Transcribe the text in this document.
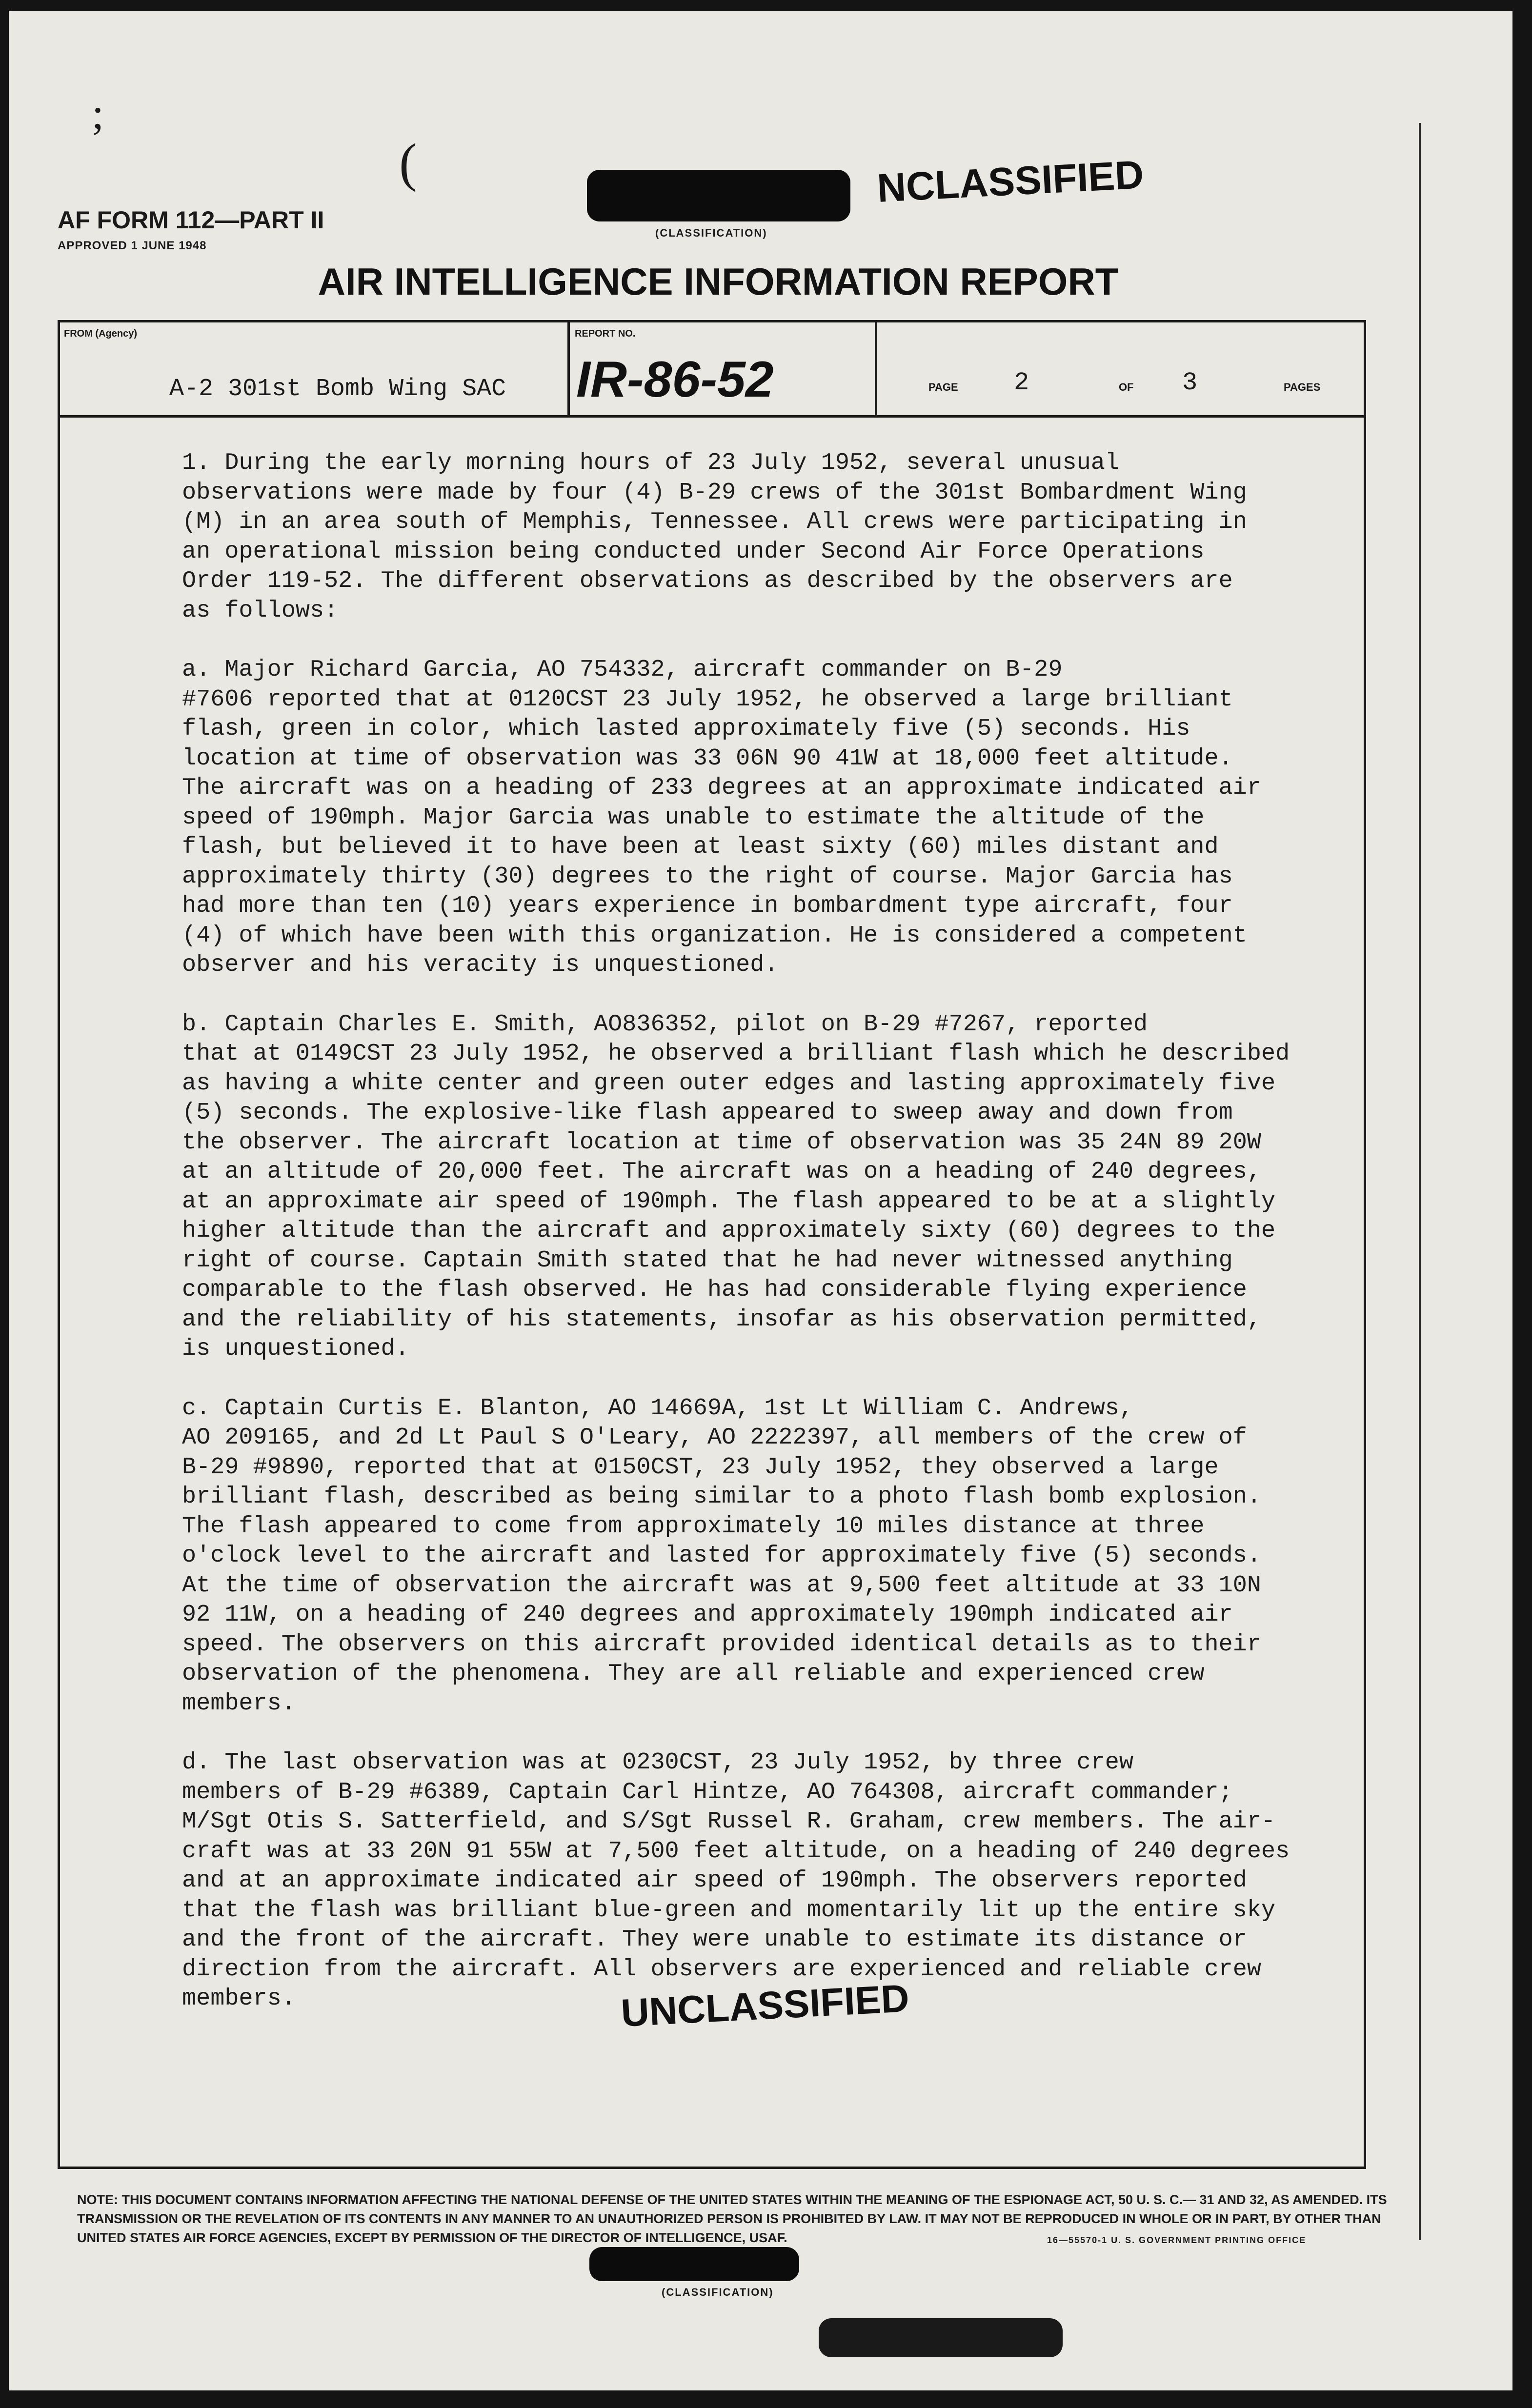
;
(
AF FORM 112—PART II
APPROVED 1 JUNE 1948
(CLASSIFICATION)
NCLASSIFIED
AIR INTELLIGENCE INFORMATION REPORT
FROM (Agency)
A-2 301st Bomb Wing SAC
REPORT NO.
IR-86-52	PAGE 2	OF 3	PAGES

1. During the early morning hours of 23 July 1952, several unusual
observations were made by four (4) B-29 crews of the 301st Bombardment Wing
(M) in an area south of Memphis, Tennessee. All crews were participating in
an operational mission being conducted under Second Air Force Operations
Order 119-52. The different observations as described by the observers are
as follows:

a. Major Richard Garcia, AO 754332, aircraft commander on B-29
#7606 reported that at 0120CST 23 July 1952, he observed a large brilliant
flash, green in color, which lasted approximately five (5) seconds. His
location at time of observation was 33 06N 90 41W at 18,000 feet altitude.
The aircraft was on a heading of 233 degrees at an approximate indicated air
speed of 190mph. Major Garcia was unable to estimate the altitude of the
flash, but believed it to have been at least sixty (60) miles distant and
approximately thirty (30) degrees to the right of course. Major Garcia has
had more than ten (10) years experience in bombardment type aircraft, four
(4) of which have been with this organization. He is considered a competent
observer and his veracity is unquestioned.

b. Captain Charles E. Smith, AO836352, pilot on B-29 #7267, reported
that at 0149CST 23 July 1952, he observed a brilliant flash which he described
as having a white center and green outer edges and lasting approximately five
(5) seconds. The explosive-like flash appeared to sweep away and down from
the observer. The aircraft location at time of observation was 35 24N 89 20W
at an altitude of 20,000 feet. The aircraft was on a heading of 240 degrees,
at an approximate air speed of 190mph. The flash appeared to be at a slightly
higher altitude than the aircraft and approximately sixty (60) degrees to the
right of course. Captain Smith stated that he had never witnessed anything
comparable to the flash observed. He has had considerable flying experience
and the reliability of his statements, insofar as his observation permitted,
is unquestioned.

c. Captain Curtis E. Blanton, AO 14669A, 1st Lt William C. Andrews,
AO 209165, and 2d Lt Paul S O'Leary, AO 2222397, all members of the crew of
B-29 #9890, reported that at 0150CST, 23 July 1952, they observed a large
brilliant flash, described as being similar to a photo flash bomb explosion.
The flash appeared to come from approximately 10 miles distance at three
o'clock level to the aircraft and lasted for approximately five (5) seconds.
At the time of observation the aircraft was at 9,500 feet altitude at 33 10N
92 11W, on a heading of 240 degrees and approximately 190mph indicated air
speed. The observers on this aircraft provided identical details as to their
observation of the phenomena. They are all reliable and experienced crew
members.

d. The last observation was at 0230CST, 23 July 1952, by three crew
members of B-29 #6389, Captain Carl Hintze, AO 764308, aircraft commander;
M/Sgt Otis S. Satterfield, and S/Sgt Russel R. Graham, crew members. The air-
craft was at 33 20N 91 55W at 7,500 feet altitude, on a heading of 240 degrees
and at an approximate indicated air speed of 190mph. The observers reported
that the flash was brilliant blue-green and momentarily lit up the entire sky
and the front of the aircraft. They were unable to estimate its distance or
direction from the aircraft. All observers are experienced and reliable crew
members.	UNCLASSIFIED
NOTE: THIS DOCUMENT CONTAINS INFORMATION AFFECTING THE NATIONAL DEFENSE OF THE UNITED STATES WITHIN THE MEANING OF THE ESPIONAGE ACT, 50 U. S. C.— 31 AND 32, AS AMENDED. ITS TRANSMISSION OR THE REVELATION OF ITS CONTENTS IN ANY MANNER TO AN UNAUTHORIZED PERSON IS PROHIBITED BY LAW. IT MAY NOT BE REPRODUCED IN WHOLE OR IN PART, BY OTHER THAN UNITED STATES AIR FORCE AGENCIES, EXCEPT BY PERMISSION OF THE DIRECTOR OF INTELLIGENCE, USAF.
(CLASSIFICATION)
16—55570-1 U. S. GOVERNMENT PRINTING OFFICE
